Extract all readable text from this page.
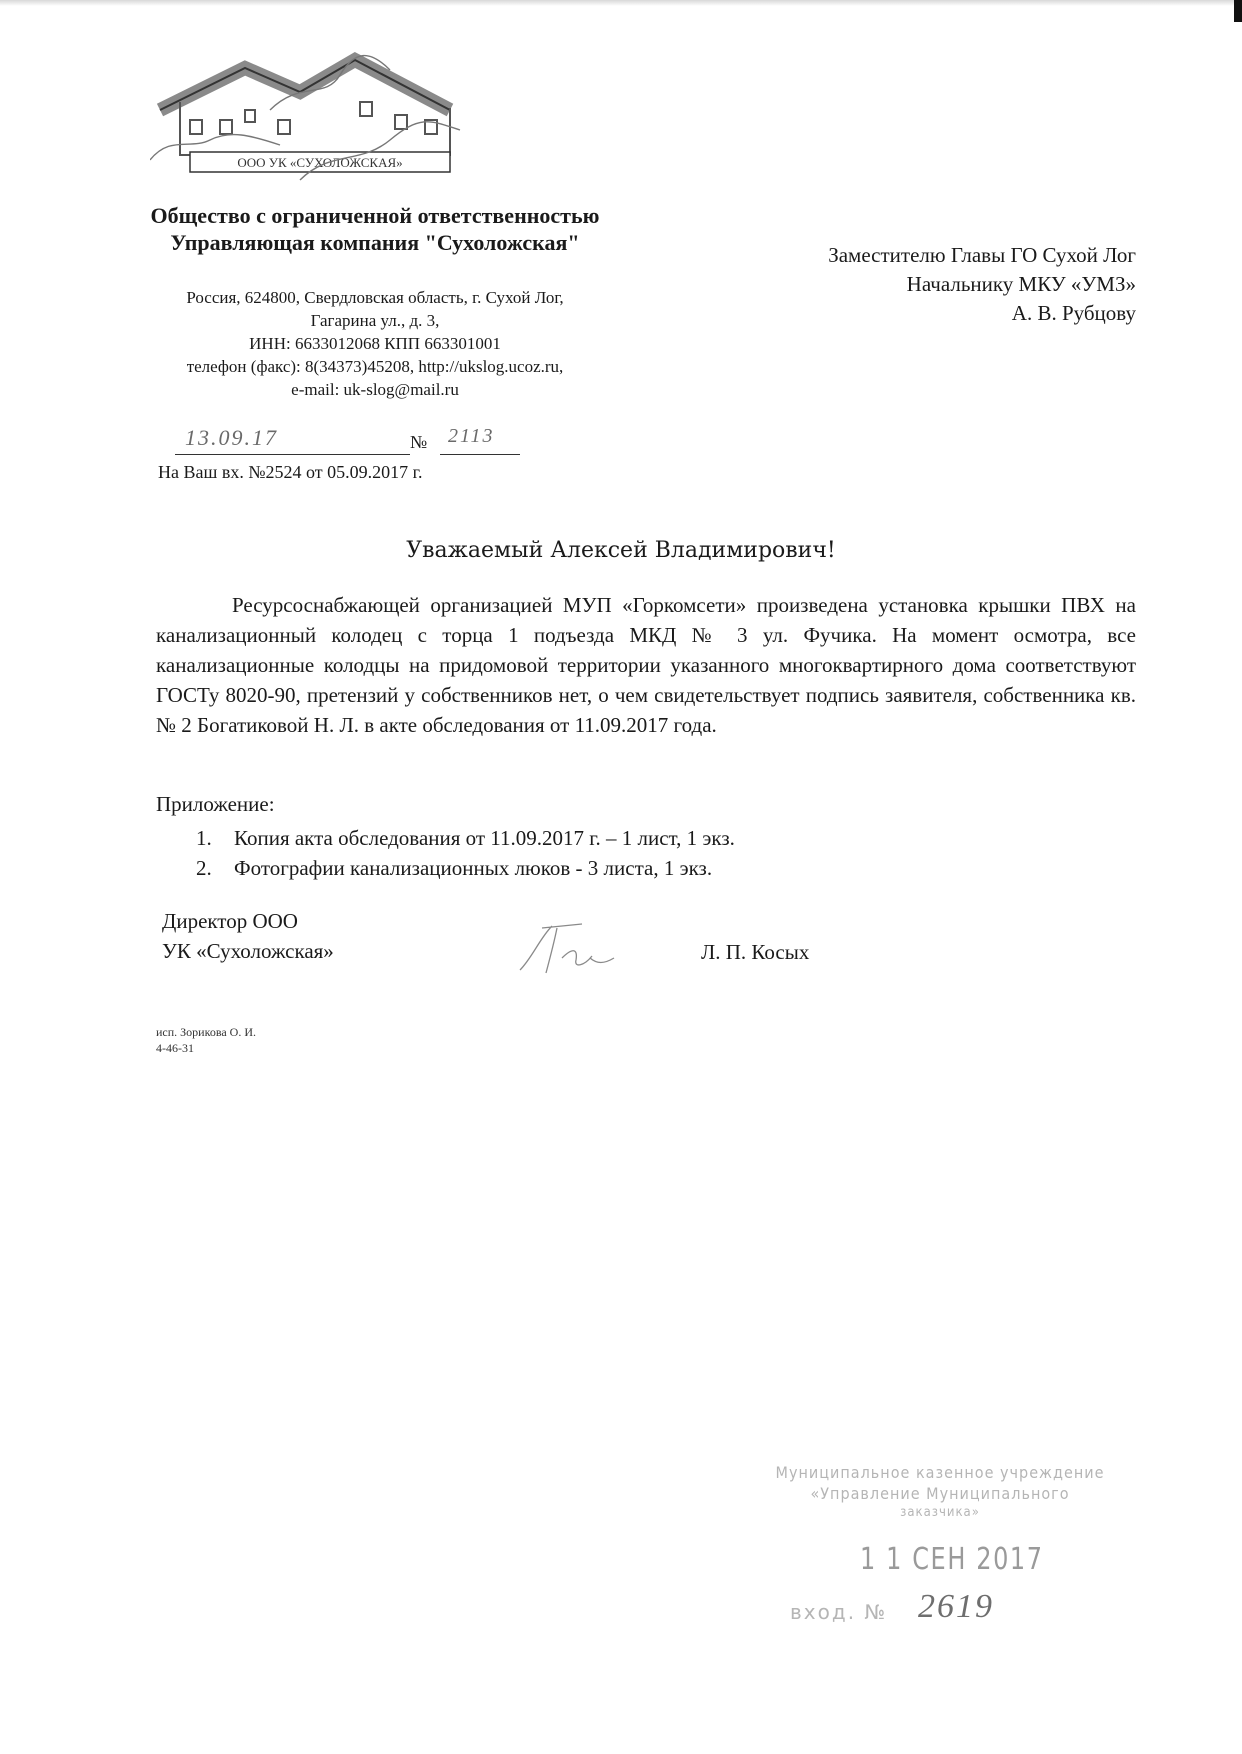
ООО УК «СУХОЛОЖСКАЯ»
Общество с ограниченной ответственностью
Управляющая компания "Сухоложская"
Россия, 624800, Свердловская область, г. Сухой Лог,
Гагарина ул., д. 3,
ИНН: 6633012068 КПП 663301001
телефон (факс): 8(34373)45208, http://ukslog.ucoz.ru,
e-mail: uk-slog@mail.ru
13.09.17	№ 2113
На Ваш вх. №2524 от 05.09.2017 г.
Заместителю Главы ГО Сухой Лог
Начальнику МКУ «УМЗ»
А. В. Рубцову
Уважаемый Алексей Владимирович!
Ресурсоснабжающей организацией МУП «Горкомсети» произведена установка крышки ПВХ на канализационный колодец с торца 1 подъезда МКД № 3 ул. Фучика. На момент осмотра, все канализационные колодцы на придомовой территории указанного многоквартирного дома соответствуют ГОСТу 8020-90, претензий у собственников нет, о чем свидетельствует подпись заявителя, собственника кв. № 2 Богатиковой Н. Л. в акте обследования от 11.09.2017 года.
Приложение:
1. Копия акта обследования от 11.09.2017 г. – 1 лист, 1 экз.
2. Фотографии канализационных люков - 3 листа, 1 экз.
Директор ООО
УК «Сухоложская»	Л. П. Косых
исп. Зорикова О. И.
4-46-31
Муниципальное казенное учреждение
«Управление Муниципального
заказчика»
1 1 СЕН 2017
вход. № 2619
